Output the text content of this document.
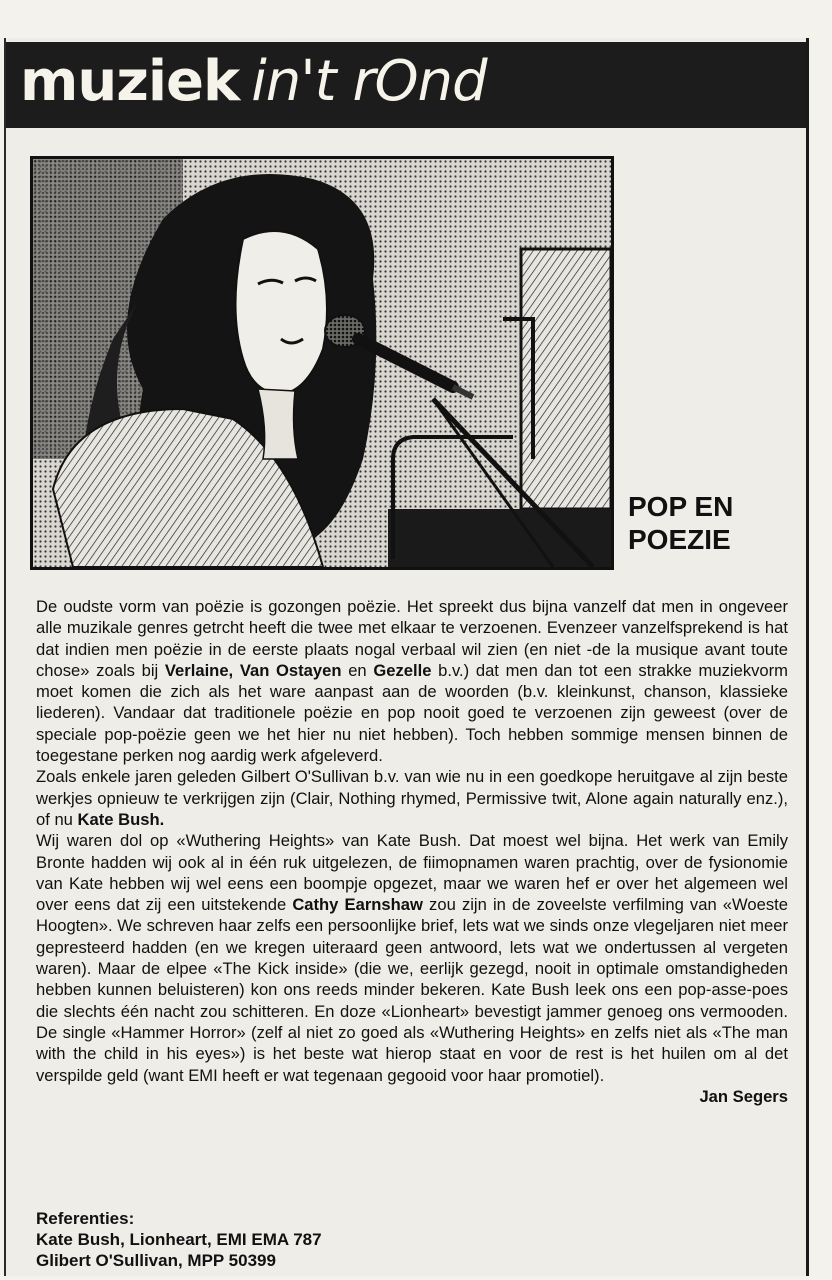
muziek in't rOnd
POP EN
POEZIE

De oudste vorm van poëzie is gozongen poëzie. Het spreekt dus bijna vanzelf dat men in ongeveer alle muzikale genres getrcht heeft die twee met elkaar te verzoenen. Evenzeer vanzelfsprekend is hat dat indien men poëzie in de eerste plaats nogal verbaal wil zien (en niet -de la musique avant toute chose» zoals bij Verlaine, Van Ostayen en Gezelle b.v.) dat men dan tot een strakke muziekvorm moet komen die zich als het ware aanpast aan de woorden (b.v. kleinkunst, chanson, klassieke liederen). Vandaar dat traditionele poëzie en pop nooit goed te verzoenen zijn geweest (over de speciale pop-poëzie geen we het hier nu niet hebben). Toch hebben sommige mensen binnen de toegestane perken nog aardig werk afgeleverd.

Zoals enkele jaren geleden Gilbert O'Sullivan b.v. van wie nu in een goedkope heruitgave al zijn beste werkjes opnieuw te verkrijgen zijn (Clair, Nothing rhymed, Permissive twit, Alone again naturally enz.), of nu Kate Bush.

Wij waren dol op «Wuthering Heights» van Kate Bush. Dat moest wel bijna. Het werk van Emily Bronte hadden wij ook al in één ruk uitgelezen, de fiimopnamen waren prachtig, over de fysionomie van Kate hebben wij wel eens een boompje opgezet, maar we waren hef er over het algemeen wel over eens dat zij een uitstekende Cathy Earnshaw zou zijn in de zoveelste verfilming van «Woeste Hoogten». We schreven haar zelfs een persoonlijke brief, lets wat we sinds onze vlegeljaren niet meer gepresteerd hadden (en we kregen uiteraard geen antwoord, lets wat we ondertussen al vergeten waren). Maar de elpee «The Kick inside» (die we, eerlijk gezegd, nooit in optimale omstandigheden hebben kunnen beluisteren) kon ons reeds minder bekeren. Kate Bush leek ons een pop-asse-poes die slechts één nacht zou schitteren. En doze «Lionheart» bevestigt jammer genoeg ons vermooden. De single «Hammer Horror» (zelf al niet zo goed als «Wuthering Heights» en zelfs niet als «The man with the child in his eyes») is het beste wat hierop staat en voor de rest is het huilen om al det verspilde geld (want EMI heeft er wat tegenaan gegooid voor haar promotiel).

Jan Segers

Referenties:
Kate Bush, Lionheart, EMI EMA 787
Glibert O'Sullivan, MPP 50399
